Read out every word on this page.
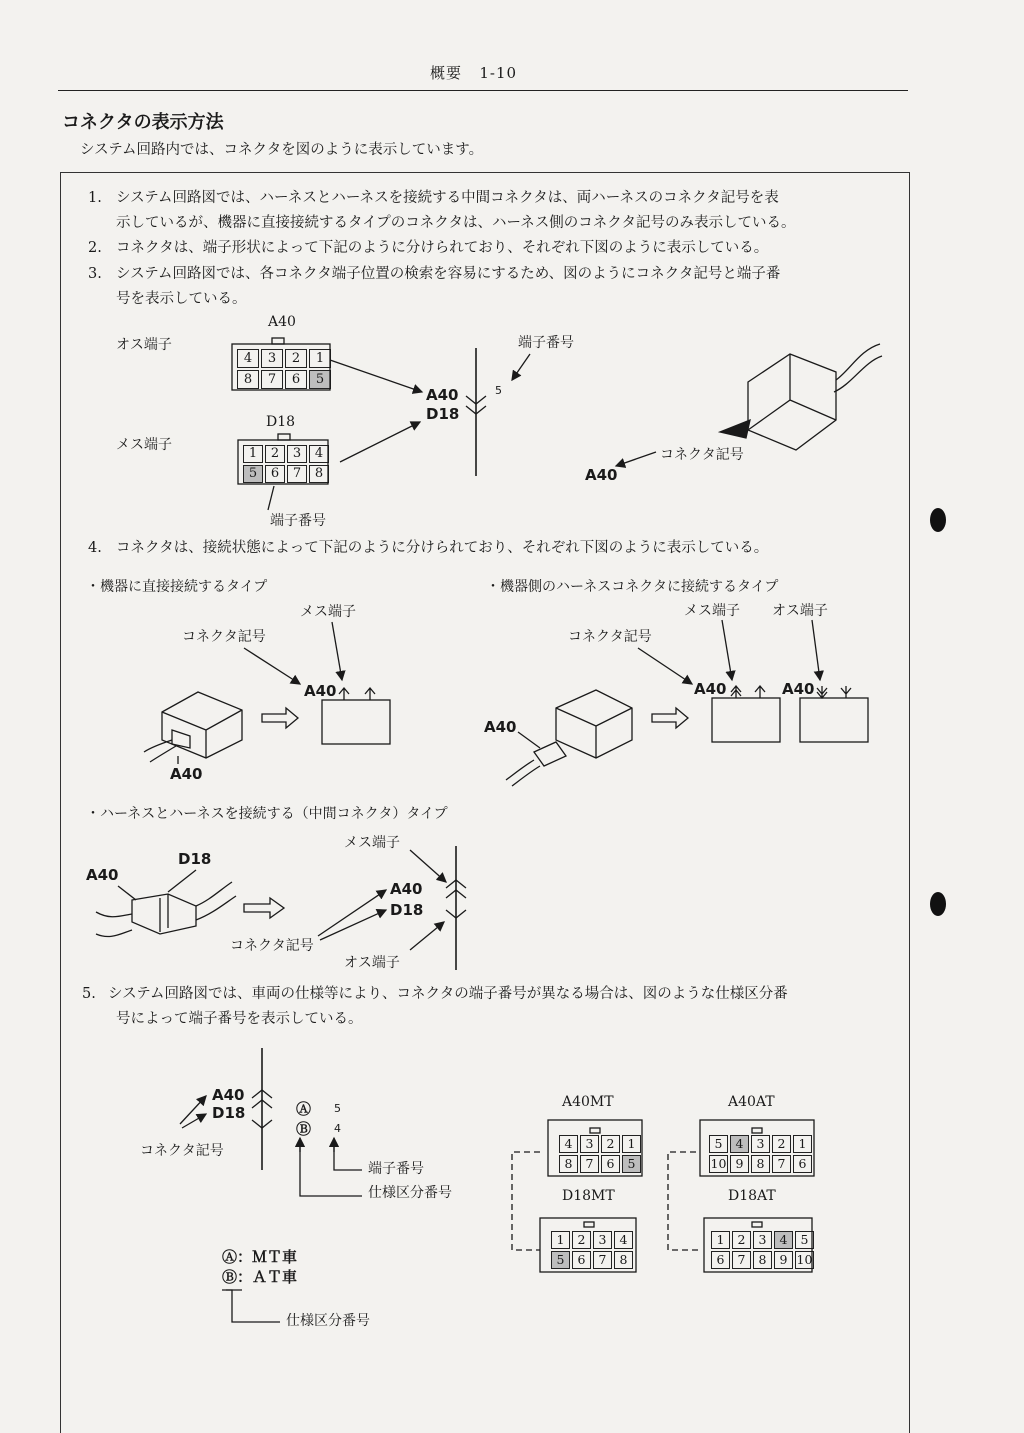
概要 1-10
コネクタの表示方法
システム回路内では、コネクタを図のように表示しています。
1. システム回路図では、ハーネスとハーネスを接続する中間コネクタは、両ハーネスのコネクタ記号を表
示しているが、機器に直接接続するタイプのコネクタは、ハーネス側のコネクタ記号のみ表示している。
2. コネクタは、端子形状によって下記のように分けられており、それぞれ下図のように表示している。
3. システム回路図では、各コネクタ端子位置の検索を容易にするため、図のようにコネクタ記号と端子番
号を表示している。
4. コネクタは、接続状態によって下記のように分けられており、それぞれ下図のように表示している。
5. システム回路図では、車両の仕様等により、コネクタの端子番号が異なる場合は、図のような仕様区分番
号によって端子番号を表示している。
オス端子
メス端子
A40
D18
A40
D18
5
端子番号
端子番号
コネクタ記号
A40
4	3	2	1
8	7	6	5
1	2	3	4
5	6	7	8
・機器に直接接続するタイプ	・機器側のハーネスコネクタに接続するタイプ
メス端子
コネクタ記号
A40
A40
メス端子 オス端子
コネクタ記号
A40
A40	A40
・ハーネスとハーネスを接続する（中間コネクタ）タイプ
A40
D18
メス端子
A40
D18
コネクタ記号
オス端子
A40
D18
コネクタ記号
Ⓐ
Ⓑ
5
4
端子番号
仕様区分番号
Ⓐ：ＭＴ車
Ⓑ：ＡＴ車
仕様区分番号
A40MT	A40AT
D18MT	D18AT
4	3	2	1
8	7	6	5
5	4	3	2	1
10 9	8	7	6
1	2	3	4
5	6	7	8
1	2	3	4	5
6	7	8	9 10
